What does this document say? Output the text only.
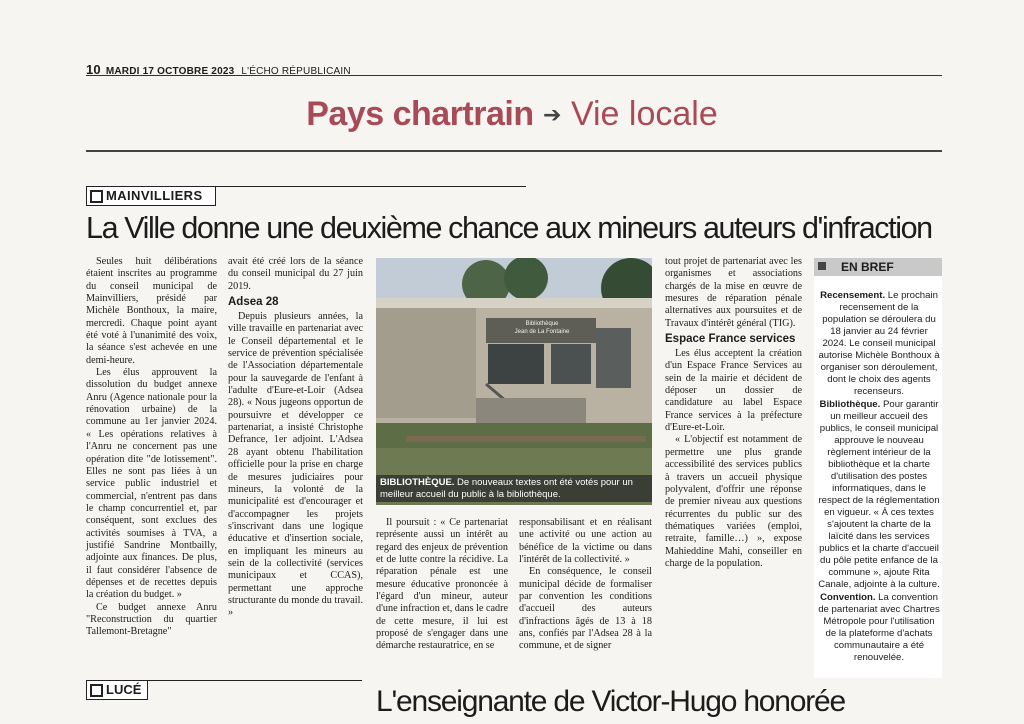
10 MARDI 17 OCTOBRE 2023 L'ÉCHO RÉPUBLICAIN
Pays chartrain ➔ Vie locale
MAINVILLIERS
La Ville donne une deuxième chance aux mineurs auteurs d'infraction

Seules huit délibérations étaient inscrites au programme du conseil municipal de Mainvilliers, présidé par Michèle Bonthoux, la maire, mercredi. Chaque point ayant été voté à l'unanimité des voix, la séance s'est achevée en une demi-heure.

Les élus approuvent la dissolution du budget annexe Anru (Agence nationale pour la rénovation urbaine) de la commune au 1er janvier 2024. « Les opérations relatives à l'Anru ne concernent pas une opération dite "de lotissement". Elles ne sont pas liées à un service public industriel et commercial, n'entrent pas dans le champ concurrentiel et, par conséquent, sont exclues des activités soumises à TVA, a justifié Sandrine Montbailly, adjointe aux finances. De plus, il faut considérer l'absence de dépenses et de recettes depuis la création du budget. »

Ce budget annexe Anru "Reconstruction du quartier Tallemont-Bretagne"

avait été créé lors de la séance du conseil municipal du 27 juin 2019.

Adsea 28

Depuis plusieurs années, la ville travaille en partenariat avec le Conseil départemental et le service de prévention spécialisée de l'Association départementale pour la sauvegarde de l'enfant à l'adulte d'Eure-et-Loir (Adsea 28). « Nous jugeons opportun de poursuivre et développer ce partenariat, a insisté Christophe Defrance, 1er adjoint. L'Adsea 28 ayant obtenu l'habilitation officielle pour la prise en charge de mesures judiciaires pour mineurs, la volonté de la municipalité est d'encourager et d'accompagner les projets s'inscrivant dans une logique éducative et d'insertion sociale, en impliquant les mineurs au sein de la collectivité (services municipaux et CCAS), permettant une approche structurante du monde du travail. »

Bibliothèque
Jean de La Fontaine
BIBLIOTHÈQUE. De nouveaux textes ont été votés pour un meilleur accueil du public à la bibliothèque.

Il poursuit : « Ce partenariat représente aussi un intérêt au regard des enjeux de prévention et de lutte contre la récidive. La réparation pénale est une mesure éducative prononcée à l'égard d'un mineur, auteur d'une infraction et, dans le cadre de cette mesure, il lui est proposé de s'engager dans une démarche restauratrice, en se

responsabilisant et en réalisant une activité ou une action au bénéfice de la victime ou dans l'intérêt de la collectivité. »

En conséquence, le conseil municipal décide de formaliser par convention les conditions d'accueil des auteurs d'infractions âgés de 13 à 18 ans, confiés par l'Adsea 28 à la commune, et de signer

tout projet de partenariat avec les organismes et associations chargés de la mise en œuvre de mesures de réparation pénale alternatives aux poursuites et de Travaux d'intérêt général (TIG).

Espace France services

Les élus acceptent la création d'un Espace France Services au sein de la mairie et décident de déposer un dossier de candidature au label Espace France services à la préfecture d'Eure-et-Loir.

« L'objectif est notamment de permettre une plus grande accessibilité des services publics à travers un accueil physique polyvalent, d'offrir une réponse de premier niveau aux questions récurrentes du public sur des thématiques variées (emploi, retraite, famille…) », expose Mahieddine Mahi, conseiller en charge de la population.

EN BREF

Recensement. Le prochain recensement de la population se déroulera du 18 janvier au 24 février 2024. Le conseil municipal autorise Michèle Bonthoux à organiser son déroulement, dont le choix des agents recenseurs.

Bibliothèque. Pour garantir un meilleur accueil des publics, le conseil municipal approuve le nouveau règlement intérieur de la bibliothèque et la charte d'utilisation des postes informatiques, dans le respect de la réglementation en vigueur. « À ces textes s'ajoutent la charte de la laïcité dans les services publics et la charte d'accueil du pôle petite enfance de la commune », ajoute Rita Canale, adjointe à la culture.

Convention. La convention de partenariat avec Chartres Métropole pour l'utilisation de la plateforme d'achats communautaire a été renouvelée.

LUCÉ	L'enseignante de Victor-Hugo honorée
